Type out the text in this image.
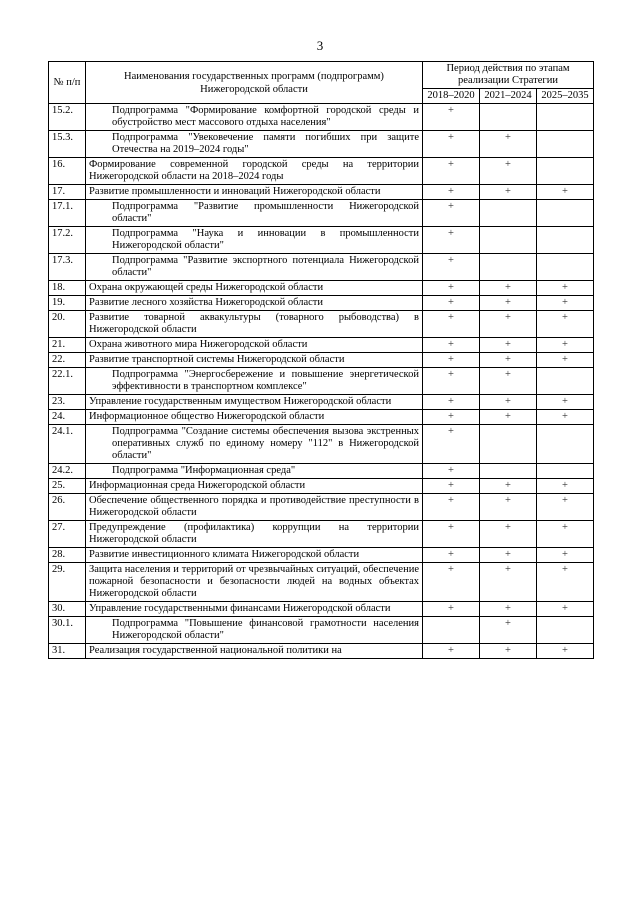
3
№ п/п	Наименования государственных программ (подпрограмм) Нижегородской области	Период действия по этапам реализации Стратегии		
		2018–2020	2021–2024	2025–2035
15.2.	Подпрограмма "Формирование комфортной городской среды и обустройство мест массового отдыха населения"	+		
15.3.	Подпрограмма "Увековечение памяти погибших при защите Отечества на 2019–2024 годы"	+	+	
16.	Формирование современной городской среды на территории Нижегородской области на 2018–2024 годы	+	+	
17.	Развитие промышленности и инноваций Нижегородской области	+	+	+
17.1.	Подпрограмма "Развитие промышленности Нижегородской области"	+		
17.2.	Подпрограмма "Наука и инновации в промышленности Нижегородской области"	+		
17.3.	Подпрограмма "Развитие экспортного потенциала Нижегородской области"	+		
18.	Охрана окружающей среды Нижегородской области	+	+	+
19.	Развитие лесного хозяйства Нижегородской области	+	+	+
20.	Развитие товарной аквакультуры (товарного рыбоводства) в Нижегородской области	+	+	+
21.	Охрана животного мира Нижегородской области	+	+	+
22.	Развитие транспортной системы Нижегородской области	+	+	+
22.1.	Подпрограмма "Энергосбережение и повышение энергетической эффективности в транспортном комплексе"	+	+	
23.	Управление государственным имуществом Нижегородской области	+	+	+
24.	Информационное общество Нижегородской области	+	+	+
24.1.	Подпрограмма "Создание системы обеспечения вызова экстренных оперативных служб по единому номеру "112" в Нижегородской области"	+		
24.2.	Подпрограмма "Информационная среда"	+		
25.	Информационная среда Нижегородской области	+	+	+
26.	Обеспечение общественного порядка и противодействие преступности в Нижегородской области	+	+	+
27.	Предупреждение (профилактика) коррупции на территории Нижегородской области	+	+	+
28.	Развитие инвестиционного климата Нижегородской области	+	+	+
29.	Защита населения и территорий от чрезвычайных ситуаций, обеспечение пожарной безопасности и безопасности людей на водных объектах Нижегородской области	+	+	+
30.	Управление государственными финансами Нижегородской области	+	+	+
30.1.	Подпрограмма "Повышение финансовой грамотности населения Нижегородской области"		+	
31.	Реализация государственной национальной политики на	+	+	+
